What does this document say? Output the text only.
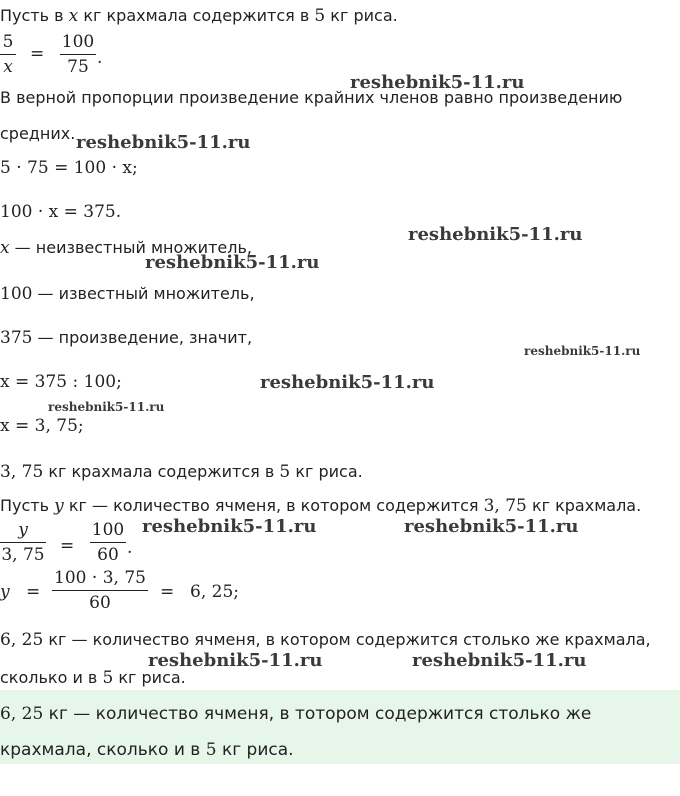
Пусть в x кг крахмала содержится в 5 кг риса.
5
x
=
100
75 .
В верной пропорции произведение крайних членов равно произведению
средних.
5 · 75 = 100 · x;
100 · x = 375.
x — неизвестный множитель,
100 — известный множитель,
375 — произведение, значит,
x = 375 : 100;
x = 3, 75;
3, 75 кг крахмала содержится в 5 кг риса.
Пусть y кг — количество ячменя, в котором содержится 3, 75 кг крахмала.
y
3, 75 =
100
60 .
y =
100 · 3, 75
60
= 6, 25;
6, 25 кг — количество ячменя, в котором содержится столько же крахмала,
сколько и в 5 кг риса.
6, 25 кг — количество ячменя, в тотором содержится столько же
крахмала, сколько и в 5 кг риса.
reshebnik5-11.ru
reshebnik5-11.ru
reshebnik5-11.ru
reshebnik5-11.ru
reshebnik5-11.ru
reshebnik5-11.ru
reshebnik5-11.ru
reshebnik5-11.ru	reshebnik5-11.ru
reshebnik5-11.ru	reshebnik5-11.ru
